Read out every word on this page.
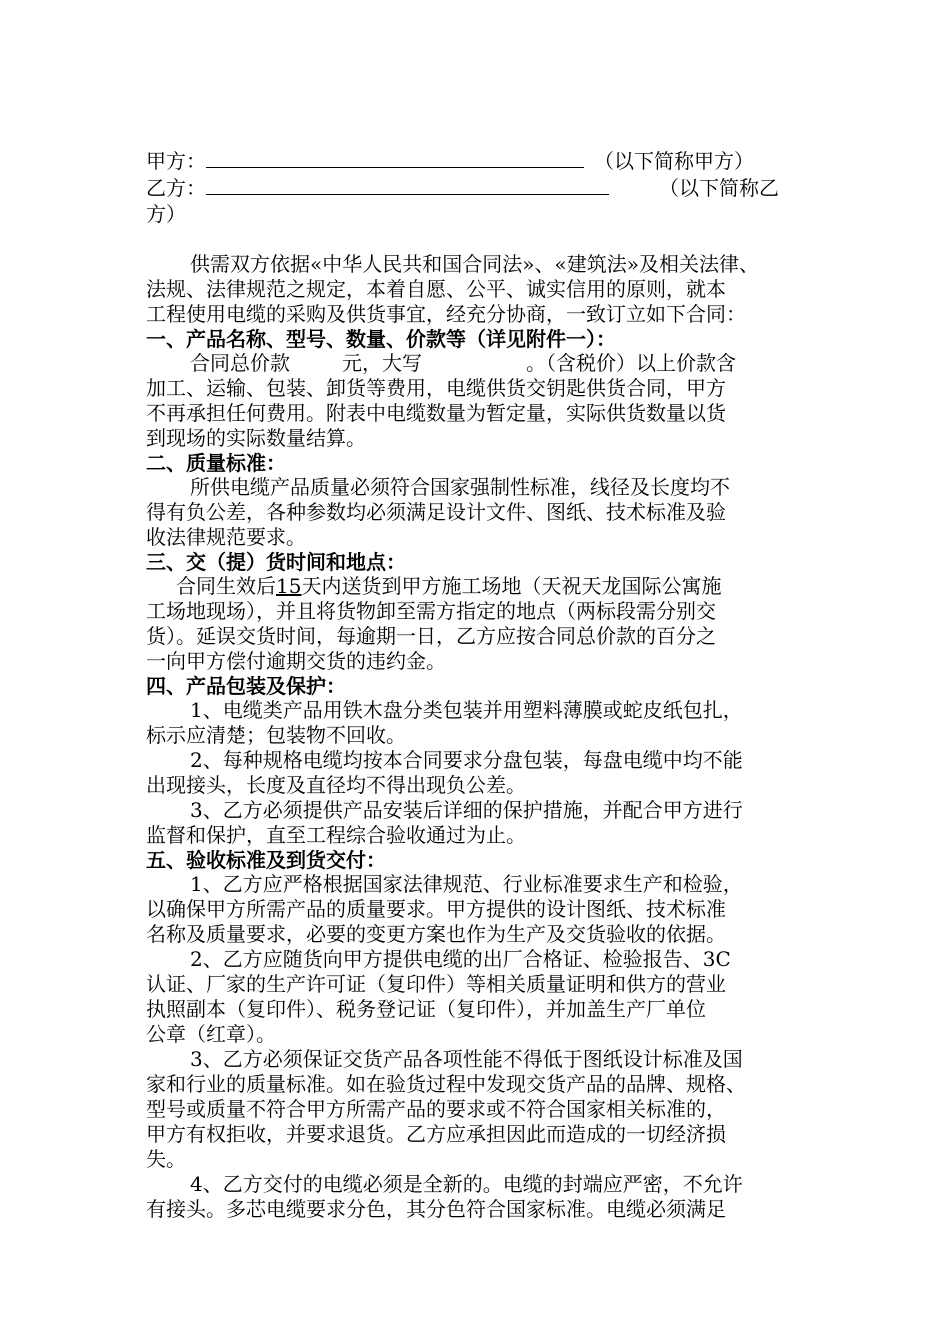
甲方：	（以下简称甲方）
乙方：	（以下简称乙
方）
供需双方依据«中华人民共和国合同法»、«建筑法»及相关法律、
法规、法律规范之规定，本着自愿、公平、诚实信用的原则，就本
工程使用电缆的采购及供货事宜，经充分协商，一致订立如下合同：
一、产品名称、型号、数量、价款等（详见附件一）：
合同总价款	元，大写	。（含税价）以上价款含
加工、运输、包装、卸货等费用，电缆供货交钥匙供货合同，甲方
不再承担任何费用。附表中电缆数量为暂定量，实际供货数量以货
到现场的实际数量结算。
二、质量标准：
所供电缆产品质量必须符合国家强制性标准，线径及长度均不
得有负公差，各种参数均必须满足设计文件、图纸、技术标准及验
收法律规范要求。
三、交（提）货时间和地点：
合同生效后15天内送货到甲方施工场地（天祝天龙国际公寓施
工场地现场），并且将货物卸至需方指定的地点（两标段需分别交
货）。延误交货时间，每逾期一日，乙方应按合同总价款的百分之
一向甲方偿付逾期交货的违约金。
四、产品包装及保护：
1、电缆类产品用铁木盘分类包装并用塑料薄膜或蛇皮纸包扎，
标示应清楚；包装物不回收。
2、每种规格电缆均按本合同要求分盘包装，每盘电缆中均不能
出现接头，长度及直径均不得出现负公差。
3、乙方必须提供产品安装后详细的保护措施，并配合甲方进行
监督和保护，直至工程综合验收通过为止。
五、验收标准及到货交付：
1、乙方应严格根据国家法律规范、行业标准要求生产和检验，
以确保甲方所需产品的质量要求。甲方提供的设计图纸、技术标准
名称及质量要求，必要的变更方案也作为生产及交货验收的依据。
2、乙方应随货向甲方提供电缆的出厂合格证、检验报告、3C
认证、厂家的生产许可证（复印件）等相关质量证明和供方的营业
执照副本（复印件）、税务登记证（复印件），并加盖生产厂单位
公章（红章）。
3、乙方必须保证交货产品各项性能不得低于图纸设计标准及国
家和行业的质量标准。如在验货过程中发现交货产品的品牌、规格、
型号或质量不符合甲方所需产品的要求或不符合国家相关标准的，
甲方有权拒收，并要求退货。乙方应承担因此而造成的一切经济损
失。
4、乙方交付的电缆必须是全新的。电缆的封端应严密，不允许
有接头。多芯电缆要求分色，其分色符合国家标准。电缆必须满足
